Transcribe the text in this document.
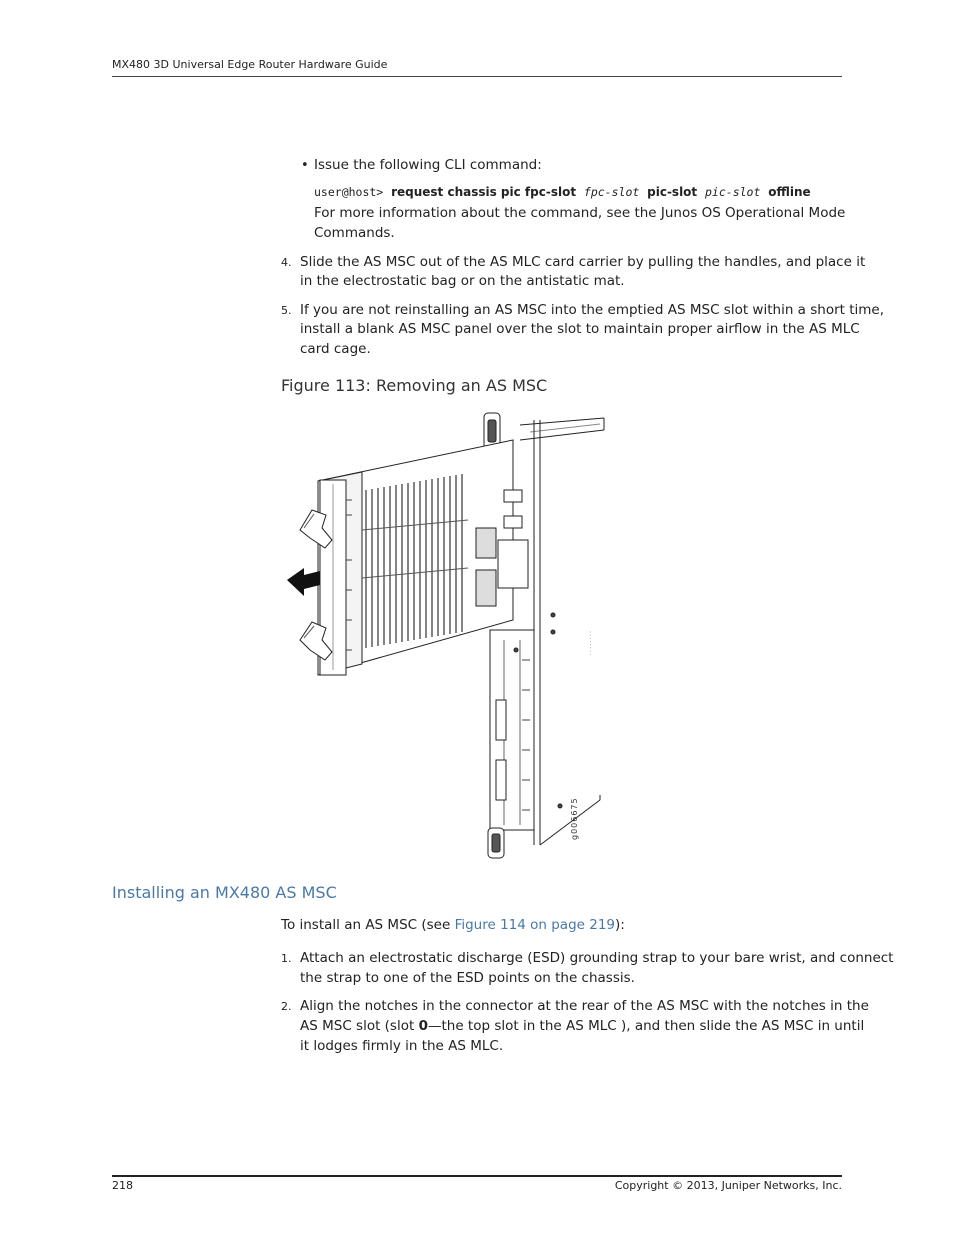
MX480 3D Universal Edge Router Hardware Guide
• Issue the following CLI command:
user@host> request chassis pic fpc-slot fpc-slot pic-slot pic-slot offline
For more information about the command, see the Junos OS Operational Mode
Commands.
4. Slide the AS MSC out of the AS MLC card carrier by pulling the handles, and place it
in the electrostatic bag or on the antistatic mat.
5. If you are not reinstalling an AS MSC into the emptied AS MSC slot within a short time,
install a blank AS MSC panel over the slot to maintain proper airflow in the AS MLC
card cage.
Figure 113: Removing an AS MSC
· · · · · · · ·
g006675
Installing an MX480 AS MSC
To install an AS MSC (see Figure 114 on page 219):
1. Attach an electrostatic discharge (ESD) grounding strap to your bare wrist, and connect
the strap to one of the ESD points on the chassis.
2. Align the notches in the connector at the rear of the AS MSC with the notches in the
AS MSC slot (slot 0—the top slot in the AS MLC ), and then slide the AS MSC in until
it lodges firmly in the AS MLC.
218	Copyright © 2013, Juniper Networks, Inc.
